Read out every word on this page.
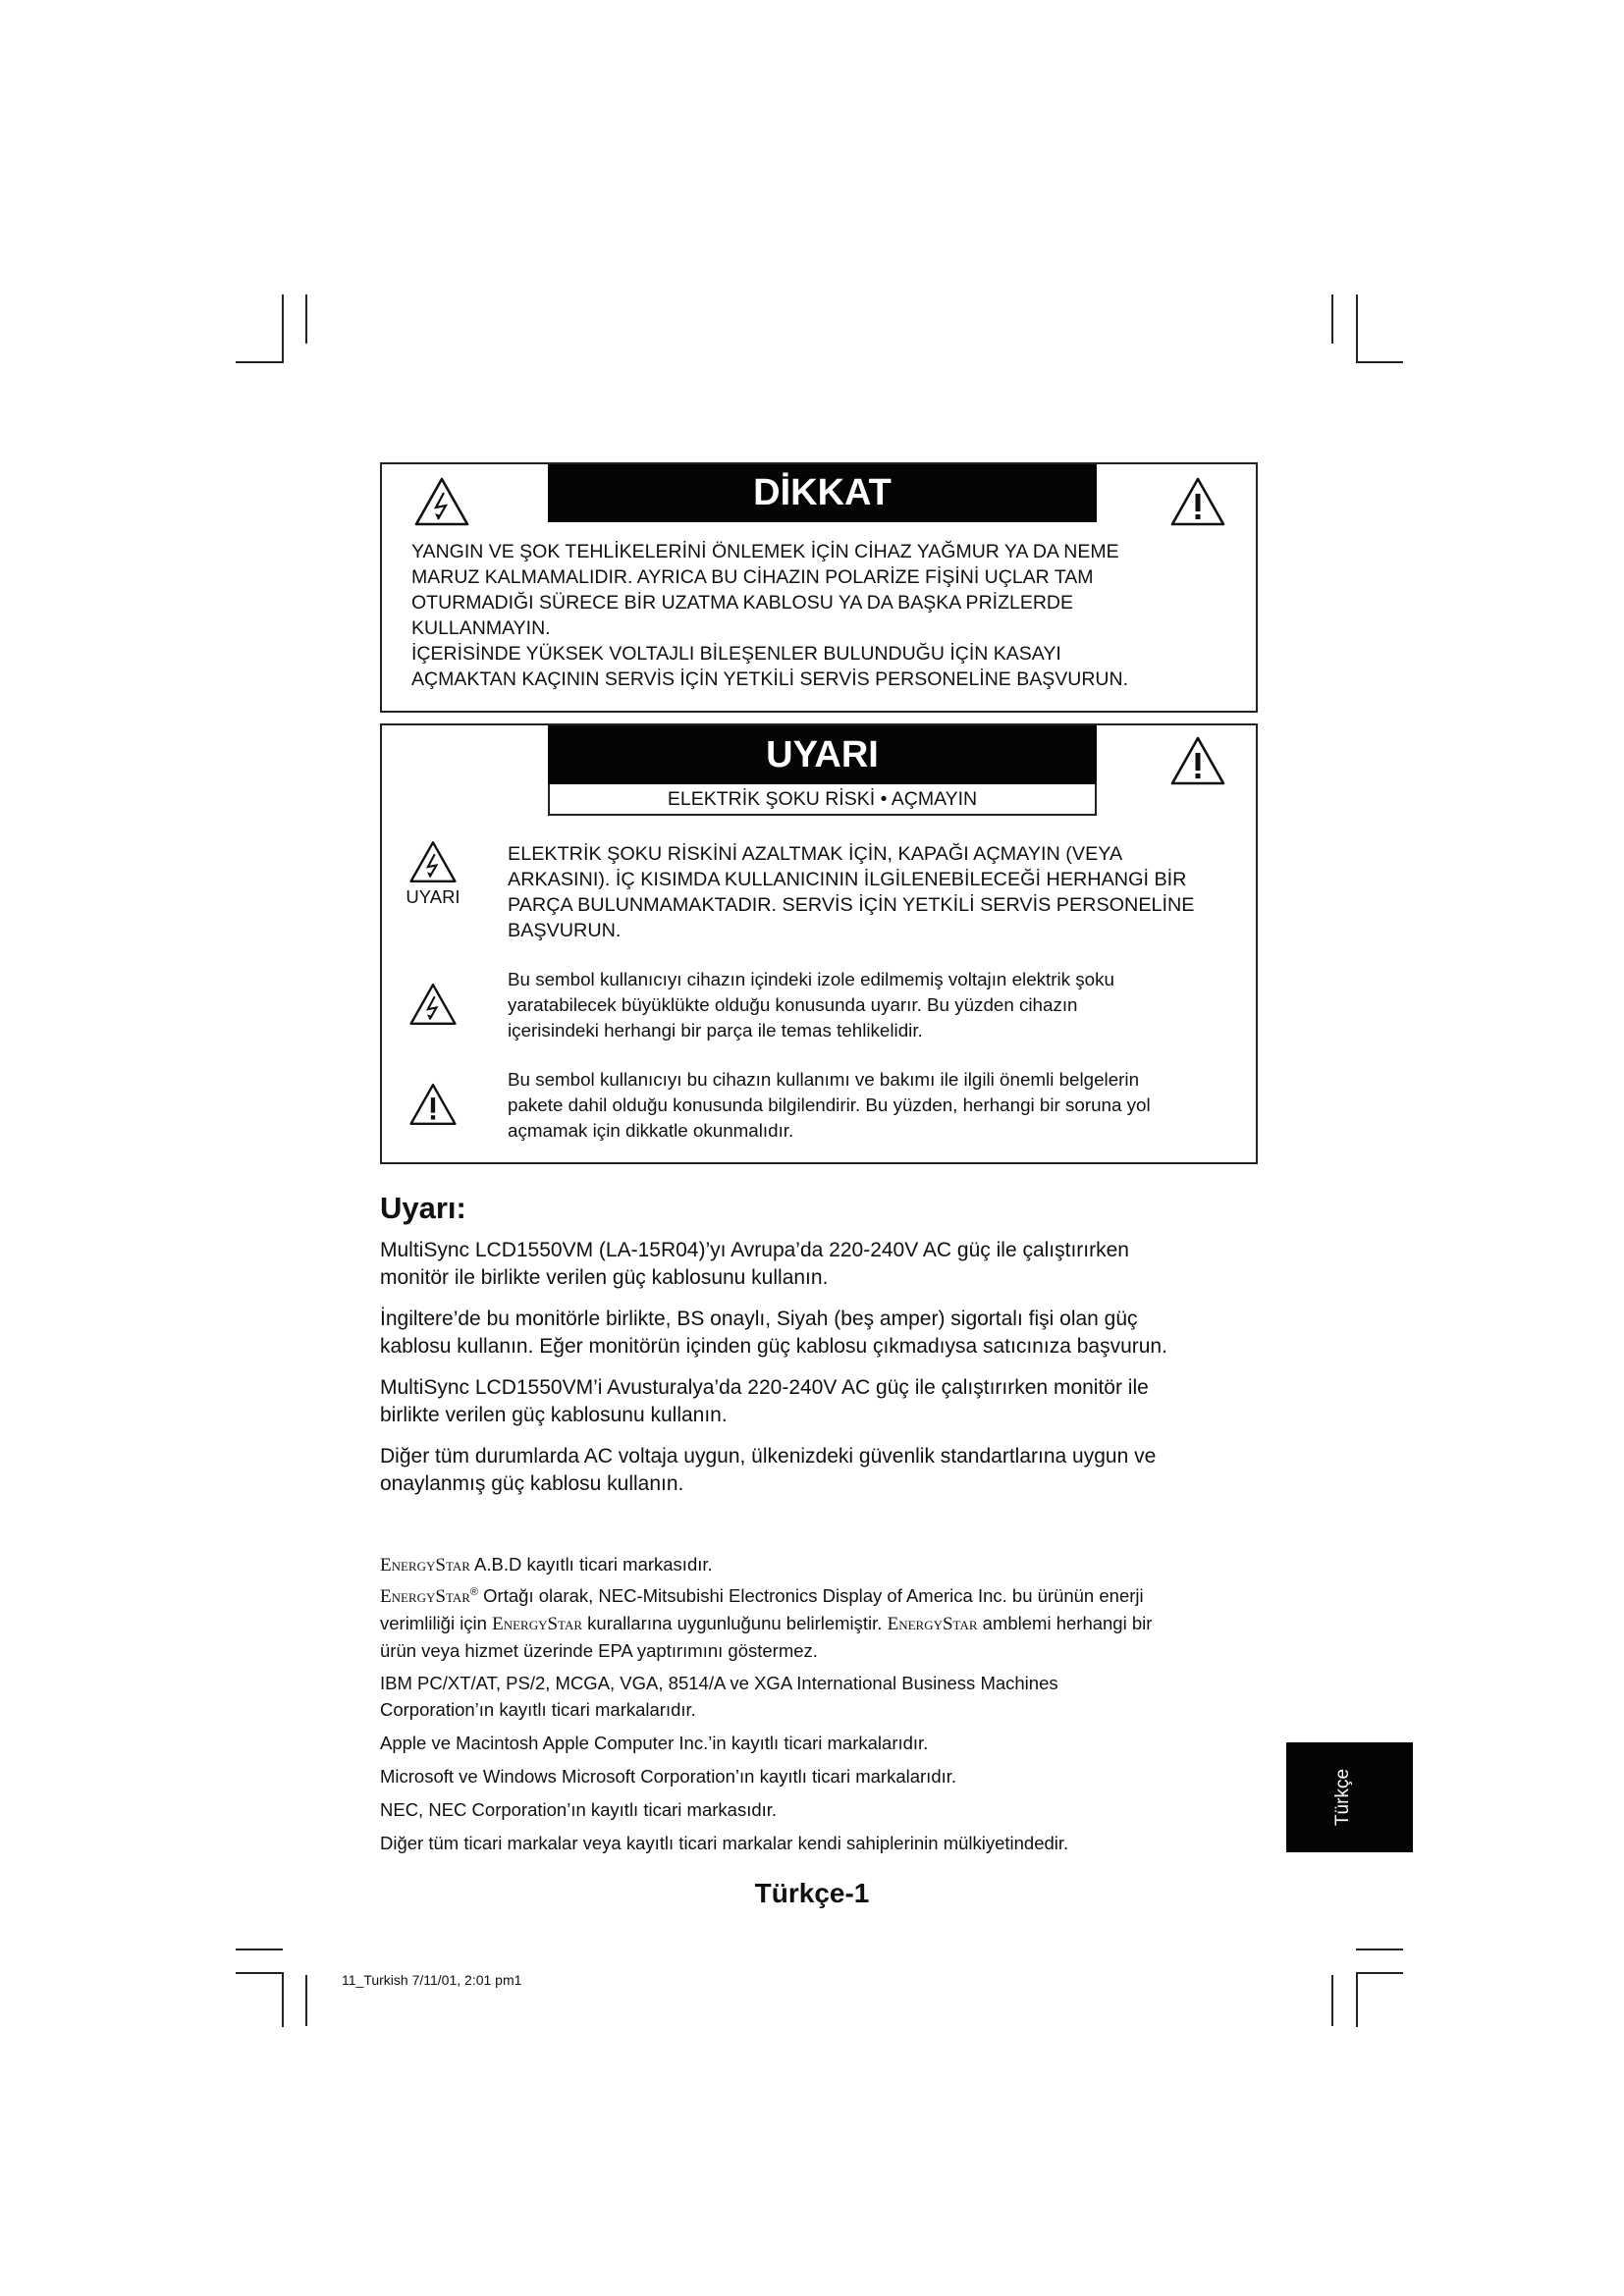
DİKKAT
YANGIN VE ŞOK TEHLİKELERİNİ ÖNLEMEK İÇİN CİHAZ YAĞMUR YA DA NEME
MARUZ KALMAMALIDIR. AYRICA BU CİHAZIN POLARİZE FİŞİNİ UÇLAR TAM
OTURMADIĞI SÜRECE BİR UZATMA KABLOSU YA DA BAŞKA PRİZLERDE
KULLANMAYIN.
İÇERİSİNDE YÜKSEK VOLTAJLI BİLEŞENLER BULUNDUĞU İÇİN KASAYI
AÇMAKTAN KAÇININ SERVİS İÇİN YETKİLİ SERVİS PERSONELİNE BAŞVURUN.
UYARI
ELEKTRİK ŞOKU RİSKİ • AÇMAYIN
UYARI
ELEKTRİK ŞOKU RİSKİNİ AZALTMAK İÇİN, KAPAĞI AÇMAYIN (VEYA
ARKASINI). İÇ KISIMDA KULLANICININ İLGİLENEBİLECEĞİ HERHANGİ BİR
PARÇA BULUNMAMAKTADIR. SERVİS İÇİN YETKİLİ SERVİS PERSONELİNE
BAŞVURUN.
Bu sembol kullanıcıyı cihazın içindeki izole edilmemiş voltajın elektrik şoku
yaratabilecek büyüklükte olduğu konusunda uyarır. Bu yüzden cihazın
içerisindeki herhangi bir parça ile temas tehlikelidir.
Bu sembol kullanıcıyı bu cihazın kullanımı ve bakımı ile ilgili önemli belgelerin
pakete dahil olduğu konusunda bilgilendirir. Bu yüzden, herhangi bir soruna yol
açmamak için dikkatle okunmalıdır.
Uyarı:
MultiSync LCD1550VM (LA-15R04)’yı Avrupa’da 220-240V AC güç ile çalıştırırken
monitör ile birlikte verilen güç kablosunu kullanın.
İngiltere’de bu monitörle birlikte, BS onaylı, Siyah (beş amper) sigortalı fişi olan güç
kablosu kullanın. Eğer monitörün içinden güç kablosu çıkmadıysa satıcınıza başvurun.
MultiSync LCD1550VM’i Avusturalya’da 220-240V AC güç ile çalıştırırken monitör ile
birlikte verilen güç kablosunu kullanın.
Diğer tüm durumlarda AC voltaja uygun, ülkenizdeki güvenlik standartlarına uygun ve
onaylanmış güç kablosu kullanın.
EnergyStar A.B.D kayıtlı ticari markasıdır.
EnergyStar® Ortağı olarak, NEC-Mitsubishi Electronics Display of America Inc. bu ürünün enerji
verimliliği için EnergyStar kurallarına uygunluğunu belirlemiştir. EnergyStar amblemi herhangi bir
ürün veya hizmet üzerinde EPA yaptırımını göstermez.
IBM PC/XT/AT, PS/2, MCGA, VGA, 8514/A ve XGA International Business Machines
Corporation’ın kayıtlı ticari markalarıdır.
Apple ve Macintosh Apple Computer Inc.’in kayıtlı ticari markalarıdır.
Microsoft ve Windows Microsoft Corporation’ın kayıtlı ticari markalarıdır.
NEC, NEC Corporation’ın kayıtlı ticari markasıdır.
Diğer tüm ticari markalar veya kayıtlı ticari markalar kendi sahiplerinin mülkiyetindedir.
Türkçe-1
Türkçe
11_Turkish 7/11/01, 2:01 pm1
